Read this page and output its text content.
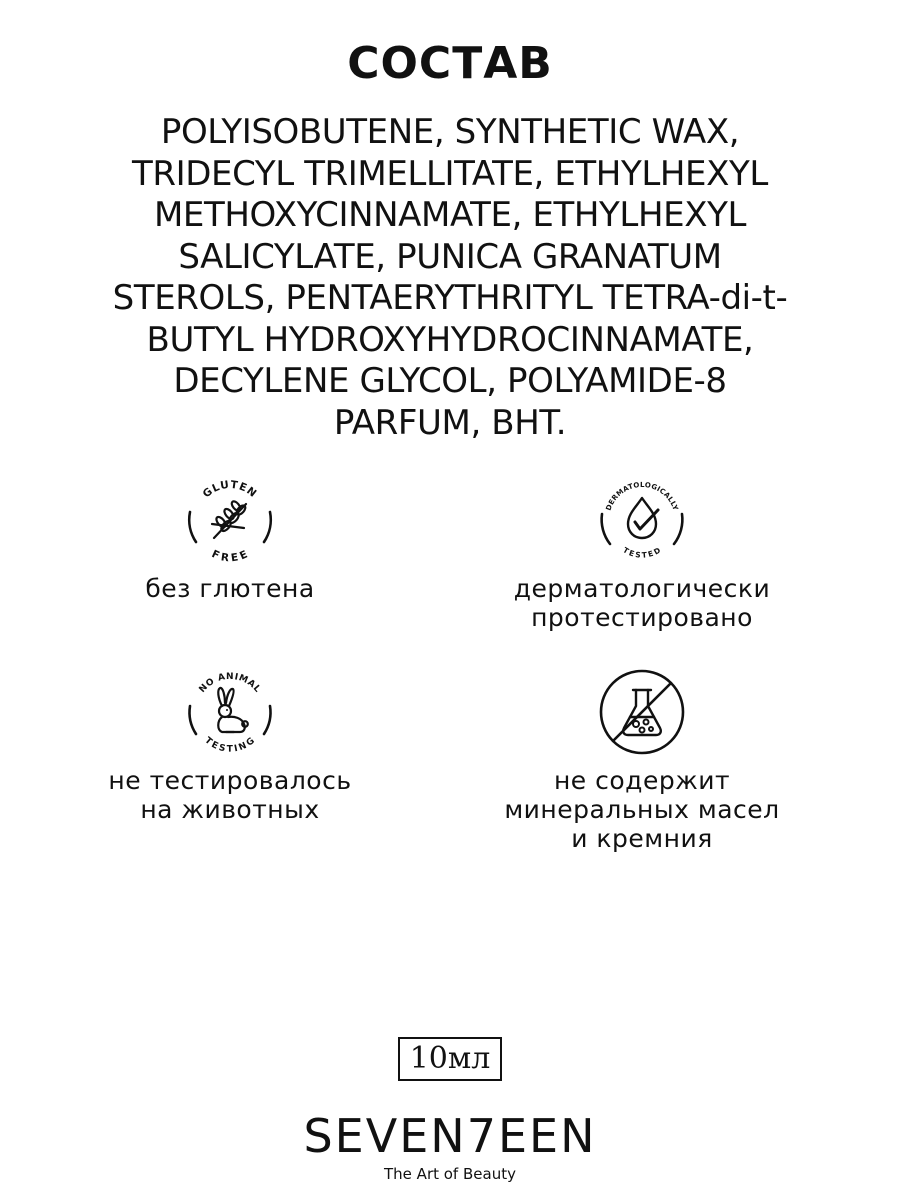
СОСТАВ
POLYISOBUTENE, SYNTHETIC WAX,
TRIDECYL TRIMELLITATE, ETHYLHEXYL
METHOXYCINNAMATE, ETHYLHEXYL
SALICYLATE, PUNICA GRANATUM
STEROLS, PENTAERYTHRITYL TETRA-di-t-
BUTYL HYDROXYHYDROCINNAMATE,
DECYLENE GLYCOL, POLYAMIDE-8
PARFUM, BHT.
GLUTEN
FREE
без глютена
DERMATOLOGICALLY
TESTED
дерматологически
протестировано
NO ANIMAL
TESTING
не тестировалось
на животных
не содержит
минеральных масел
и кремния
10мл
SEVEN7EEN
The Art of Beauty
